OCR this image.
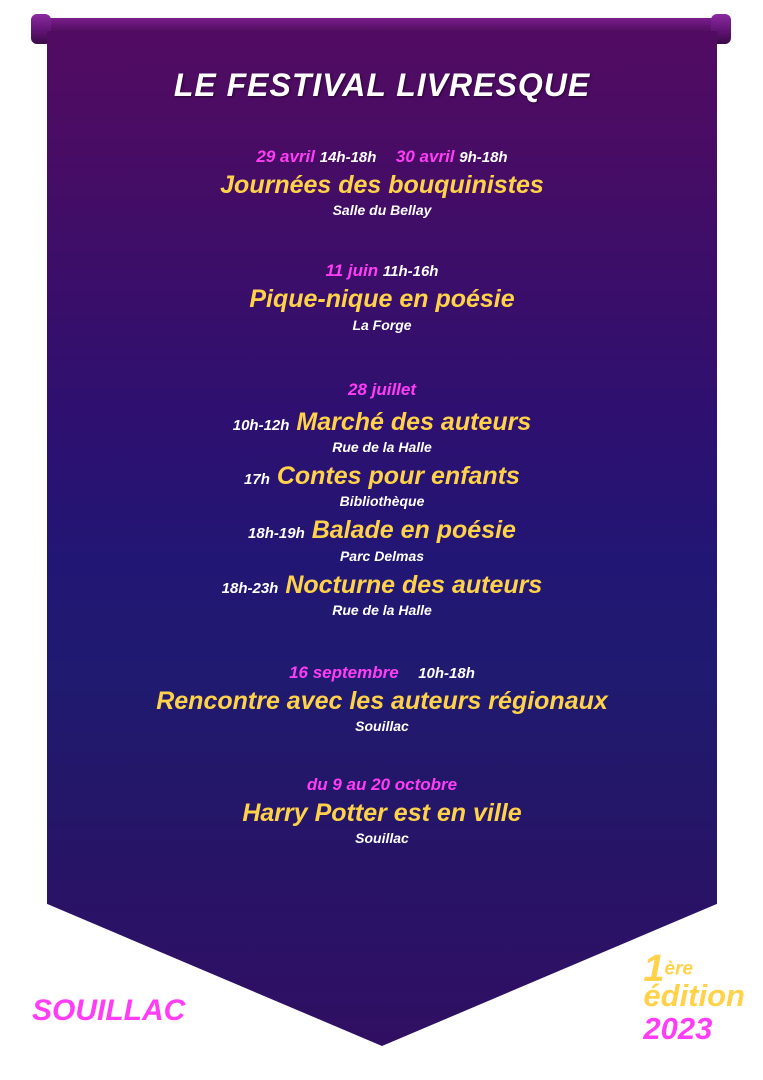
LE FESTIVAL LIVRESQUE
29 avril 14h-18h 30 avril 9h-18h
Journées des bouquinistes
Salle du Bellay
11 juin 11h-16h
Pique-nique en poésie
La Forge
28 juillet
10h-12h Marché des auteurs
Rue de la Halle
17h Contes pour enfants
Bibliothèque
18h-19h Balade en poésie
Parc Delmas
18h-23h Nocturne des auteurs
Rue de la Halle
16 septembre 10h-18h
Rencontre avec les auteurs régionaux
Souillac
du 9 au 20 octobre
Harry Potter est en ville
Souillac
SOUILLAC
1ère
édition
2023
